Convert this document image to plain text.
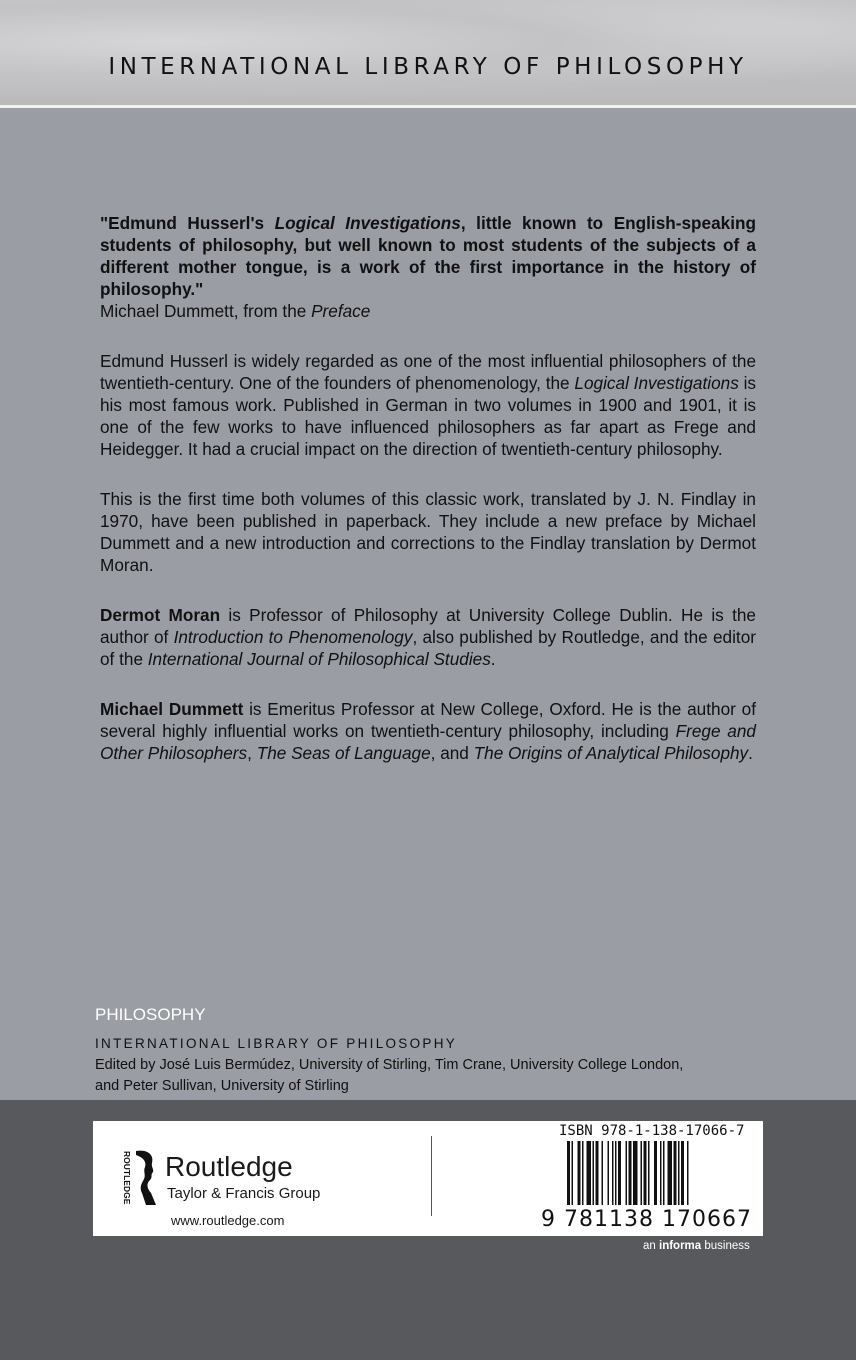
INTERNATIONAL LIBRARY OF PHILOSOPHY

"Edmund Husserl's Logical Investigations, little known to English-speaking students of philosophy, but well known to most students of the subjects of a different mother tongue, is a work of the first importance in the history of philosophy."
Michael Dummett, from the Preface

Edmund Husserl is widely regarded as one of the most influential philosophers of the twentieth-century. One of the founders of phenomenology, the Logical Investigations is his most famous work. Published in German in two volumes in 1900 and 1901, it is one of the few works to have influenced philosophers as far apart as Frege and Heidegger. It had a crucial impact on the direction of twentieth-century philosophy.

This is the first time both volumes of this classic work, translated by J. N. Findlay in 1970, have been published in paperback. They include a new preface by Michael Dummett and a new introduction and corrections to the Findlay translation by Dermot Moran.

Dermot Moran is Professor of Philosophy at University College Dublin. He is the author of Introduction to Phenomenology, also published by Routledge, and the editor of the International Journal of Philosophical Studies.

Michael Dummett is Emeritus Professor at New College, Oxford. He is the author of several highly influential works on twentieth-century philosophy, including Frege and Other Philosophers, The Seas of Language, and The Origins of Analytical Philosophy.

PHILOSOPHY
INTERNATIONAL LIBRARY OF PHILOSOPHY
Edited by José Luis Bermúdez, University of Stirling, Tim Crane, University College London, and Peter Sullivan, University of Stirling
ROUTLEDGE Routledge
Taylor & Francis Group
www.routledge.com
ISBN 978-1-138-17066-7
9 781138 170667
an informa business
